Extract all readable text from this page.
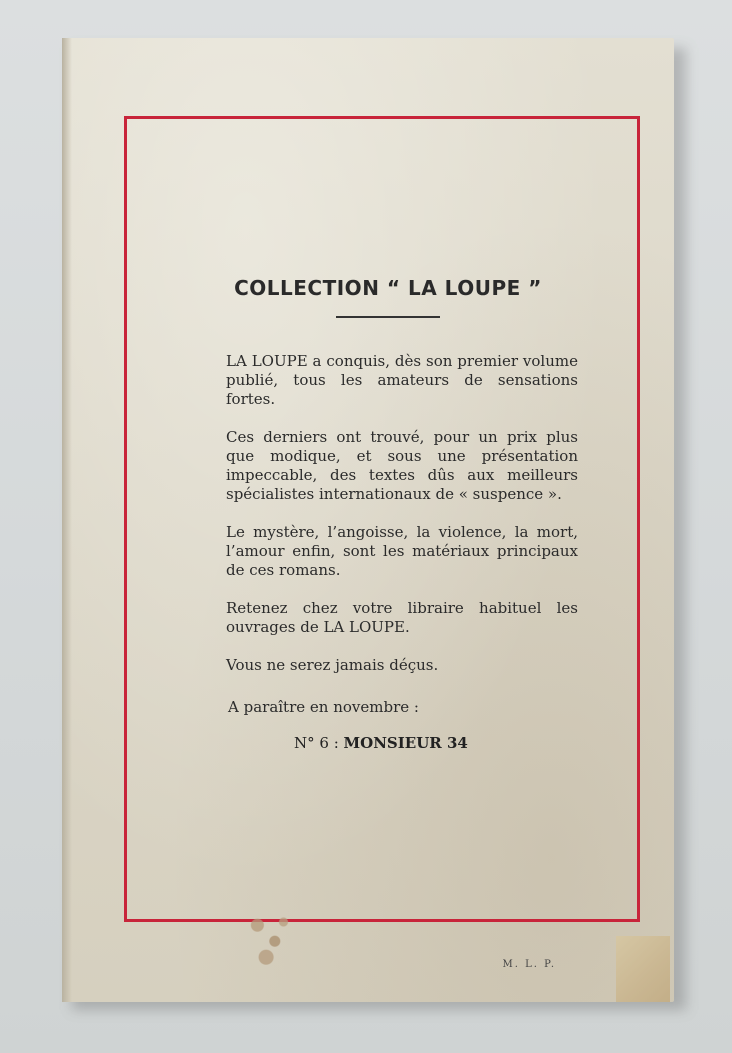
COLLECTION “ LA LOUPE ”

LA LOUPE a conquis, dès son premier volume publié, tous les amateurs de sensations fortes.

Ces derniers ont trouvé, pour un prix plus que modique, et sous une présentation impeccable, des textes dûs aux meilleurs spécialistes internationaux de « suspence ».

Le mystère, l’angoisse, la violence, la mort, l’amour enfin, sont les matériaux principaux de ces romans.

Retenez chez votre libraire habituel les ouvrages de LA LOUPE.

Vous ne serez jamais déçus.

A paraître en novembre :
N° 6 : MONSIEUR 34
M. L. P.
